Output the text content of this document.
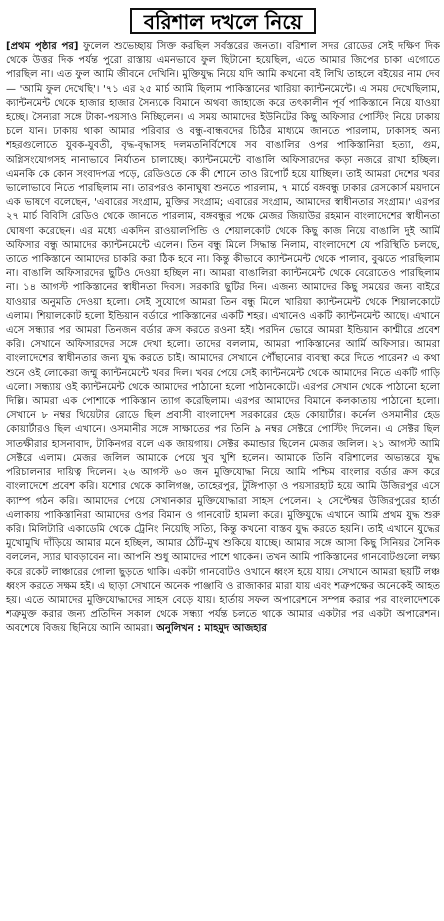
বরিশাল দখলে নিয়ে
[প্রথম পৃষ্ঠার পর] ফুলেল শুভেচ্ছায় সিক্ত করছিল সর্বস্তরের জনতা। বরিশাল সদর রোডের সেই দক্ষিণ দিক থেকে উত্তর দিক পর্যন্ত পুরো রাস্তায় এমনভাবে ফুল ছিটানো হয়েছিল, এতে আমার জিপের চাকা এগোতে পারছিল না। এত ফুল আমি জীবনে দেখিনি। মুক্তিযুদ্ধ নিয়ে যদি আমি কখনো বই লিখি তাহলে বইয়ের নাম দেব— 'আমি ফুল দেখেছি'। '৭১ এর ২৫ মার্চ আমি ছিলাম পাকিস্তানের খারিয়া ক্যান্টনমেন্টে। এ সময় দেখেছিলাম, ক্যান্টনমেন্ট থেকে হাজার হাজার সৈন্যকে বিমানে অথবা জাহাজে করে তৎকালীন পূর্ব পাকিস্তানে নিয়ে যাওয়া হচ্ছে। সৈন্যরা সঙ্গে টাকা-পয়সাও নিচ্ছিলেন। এ সময় আমাদের ইউনিটের কিছু অফিসার পোস্টিং নিয়ে ঢাকায় চলে যান। ঢাকায় থাকা আমার পরিবার ও বন্ধু-বান্ধবদের চিঠির মাধ্যমে জানতে পারলাম, ঢাকাসহ অন্য শহরগুলোতে যুবক-যুবতী, বৃদ্ধ-বৃদ্ধাসহ দলমতনির্বিশেষে সব বাঙালির ওপর পাকিস্তানিরা হত্যা, গুম, অগ্নিসংযোগসহ নানাভাবে নির্যাতন চালাচ্ছে। ক্যান্টনমেন্টে বাঙালি অফিসারদের কড়া নজরে রাখা হচ্ছিল। এমনকি কে কোন সংবাদপত্র পড়ে, রেডিওতে কে কী শোনে তাও রিপোর্ট হয়ে যাচ্ছিল। তাই আমরা দেশের খবর ভালোভাবে নিতে পারছিলাম না। তারপরও কানাঘুষা শুনতে পারলাম, ৭ মার্চে বঙ্গবন্ধু ঢাকার রেসকোর্স ময়দানে এক ভাষণে বলেছেন, 'এবারের সংগ্রাম, মুক্তির সংগ্রাম; এবারের সংগ্রাম, আমাদের স্বাধীনতার সংগ্রাম।' এরপর ২৭ মার্চ বিবিসি রেডিও থেকে জানতে পারলাম, বঙ্গবন্ধুর পক্ষে মেজর জিয়াউর রহমান বাংলাদেশের স্বাধীনতা ঘোষণা করেছেন। এর মধ্যে একদিন রাওয়ালপিন্ডি ও শেয়ালকোট থেকে কিছু কাজ নিয়ে বাঙালি দুই আর্মি অফিসার বন্ধু আমাদের ক্যান্টনমেন্টে এলেন। তিন বন্ধু মিলে সিদ্ধান্ত নিলাম, বাংলাদেশে যে পরিস্থিতি চলছে, তাতে পাকিস্তানে আমাদের চাকরি করা ঠিক হবে না। কিন্তু কীভাবে ক্যান্টনমেন্ট থেকে পালাব, বুঝতে পারছিলাম না। বাঙালি অফিসারদের ছুটিও দেওয়া হচ্ছিল না। আমরা বাঙালিরা ক্যান্টনমেন্ট থেকে বেরোতেও পারছিলাম না। ১৪ আগস্ট পাকিস্তানের স্বাধীনতা দিবস। সরকারি ছুটির দিন। এজন্য আমাদের কিছু সময়ের জন্য বাইরে যাওয়ার অনুমতি দেওয়া হলো। সেই সুযোগে আমরা তিন বন্ধু মিলে খারিয়া ক্যান্টনমেন্ট থেকে শিয়ালকোটে এলাম। শিয়ালকোট হলো ইন্ডিয়ান বর্ডারে পাকিস্তানের একটি শহর। এখানেও একটি ক্যান্টনমেন্ট আছে। এখানে এসে সন্ধ্যার পর আমরা তিনজন বর্ডার ক্রস করতে রওনা হই। পরদিন ভোরে আমরা ইন্ডিয়ান কাশ্মীরে প্রবেশ করি। সেখানে অফিসারদের সঙ্গে দেখা হলো। তাদের বললাম, আমরা পাকিস্তানের আর্মি অফিসার। আমরা বাংলাদেশের স্বাধীনতার জন্য যুদ্ধ করতে চাই। আমাদের সেখানে পৌঁছানোর ব্যবস্থা করে দিতে পারেন? এ কথা শুনে ওই লোকেরা জম্মু ক্যান্টনমেন্টে খবর দিল। খবর পেয়ে সেই ক্যান্টনমেন্ট থেকে আমাদের নিতে একটি গাড়ি এলো। সন্ধ্যায় ওই ক্যান্টনমেন্ট থেকে আমাদের পাঠানো হলো পাঠানকোটে। এরপর সেখান থেকে পাঠানো হলো দিল্লি। আমরা এক পোশাকে পাকিস্তান ত্যাগ করেছিলাম। এরপর আমাদের বিমানে কলকাতায় পাঠানো হলো। সেখানে ৮ নম্বর থিয়েটার রোডে ছিল প্রবাসী বাংলাদেশ সরকারের হেড কোয়ার্টার। কর্নেল ওসমানীর হেড কোয়ার্টারও ছিল এখানে। ওসমানীর সঙ্গে সাক্ষাতের পর তিনি ৯ নম্বর সেক্টরে পোস্টিং দিলেন। এ সেক্টর ছিল সাতক্ষীরার হাসনাবাদ, টাকিনগর বলে এক জায়গায়। সেক্টর কমান্ডার ছিলেন মেজর জলিল। ২১ আগস্ট আমি সেক্টরে এলাম। মেজর জলিল আমাকে পেয়ে খুব খুশি হলেন। আমাকে তিনি বরিশালের অভ্যন্তরে যুদ্ধ পরিচালনার দায়িত্ব দিলেন। ২৬ আগস্ট ৬০ জন মুক্তিযোদ্ধা নিয়ে আমি পশ্চিম বাংলার বর্ডার ক্রস করে বাংলাদেশে প্রবেশ করি। যশোর থেকে কালিগঞ্জ, তাহেরপুর, টুঙ্গিপাড়া ও পয়সারহাট হয়ে আমি উজিরপুর এসে ক্যাম্প গঠন করি। আমাদের পেয়ে সেখানকার মুক্তিযোদ্ধারা সাহস পেলেন। ২ সেপ্টেম্বর উজিরপুরের হার্তা এলাকায় পাকিস্তানিরা আমাদের ওপর বিমান ও গানবোট হামলা করে। মুক্তিযুদ্ধে এখানে আমি প্রথম যুদ্ধ শুরু করি। মিলিটারি একাডেমি থেকে ট্রেনিং নিয়েছি সত্যি, কিন্তু কখনো বাস্তব যুদ্ধ করতে হয়নি। তাই এখানে যুদ্ধের মুখোমুখি দাঁড়িয়ে আমার মনে হচ্ছিল, আমার ঠোঁট-মুখ শুকিয়ে যাচ্ছে। আমার সঙ্গে আসা কিছু সিনিয়র সৈনিক বললেন, স্যার ঘাবড়াবেন না। আপনি শুধু আমাদের পাশে থাকেন। তখন আমি পাকিস্তানের গানবোটগুলো লক্ষ্য করে রকেট লাঞ্চারের গোলা ছুড়তে থাকি। একটা গানবোটও ওখানে ধ্বংস হয়ে যায়। সেখানে আমরা ছয়টি লঞ্চ ধ্বংস করতে সক্ষম হই। এ ছাড়া সেখানে অনেক পাঞ্জাবি ও রাজাকার মারা যায় এবং শত্রুপক্ষের অনেকেই আহত হয়। এতে আমাদের মুক্তিযোদ্ধাদের সাহস বেড়ে যায়। হার্তায় সফল অপারেশনে সম্পন্ন করার পর বাংলাদেশকে শত্রুমুক্ত করার জন্য প্রতিদিন সকাল থেকে সন্ধ্যা পর্যন্ত চলতে থাকে আমার একটার পর একটা অপারেশন। অবশেষে বিজয় ছিনিয়ে আনি আমরা। অনুলিখন : মাহমুদ আজহার
